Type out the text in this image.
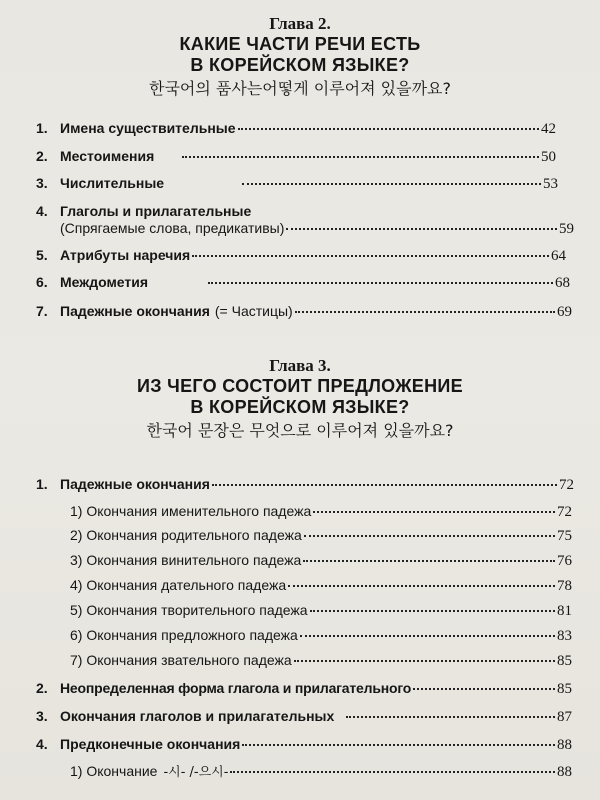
Глава 2.
КАКИЕ ЧАСТИ РЕЧИ ЕСТЬ
В КОРЕЙСКОМ ЯЗЫКЕ?
한국어의 품사는어떻게 이루어져 있을까요?
1. Имена существительные	42
2. Местоимения	50
3. Числительные	53
4. Глаголы и прилагательные
(Спрягаемые слова, предикативы)	59
5. Атрибуты наречия	64
6. Междометия	68
7. Падежные окончания (= Частицы)	69
Глава 3.
ИЗ ЧЕГО СОСТОИТ ПРЕДЛОЖЕНИЕ
В КОРЕЙСКОМ ЯЗЫКЕ?
한국어 문장은 무엇으로 이루어져 있을까요?
1. Падежные окончания	72
1) Окончания именительного падежа	72
2) Окончания родительного падежа	75
3) Окончания винительного падежа	76
4) Окончания дательного падежа	78
5) Окончания творительного падежа	81
6) Окончания предложного падежа	83
7) Окончания звательного падежа	85
2. Неопределенная форма глагола и прилагательного	85
3. Окончания глаголов и прилагательных	87
4. Предконечные окончания	88
1) Окончание -시- /-으시-	88
